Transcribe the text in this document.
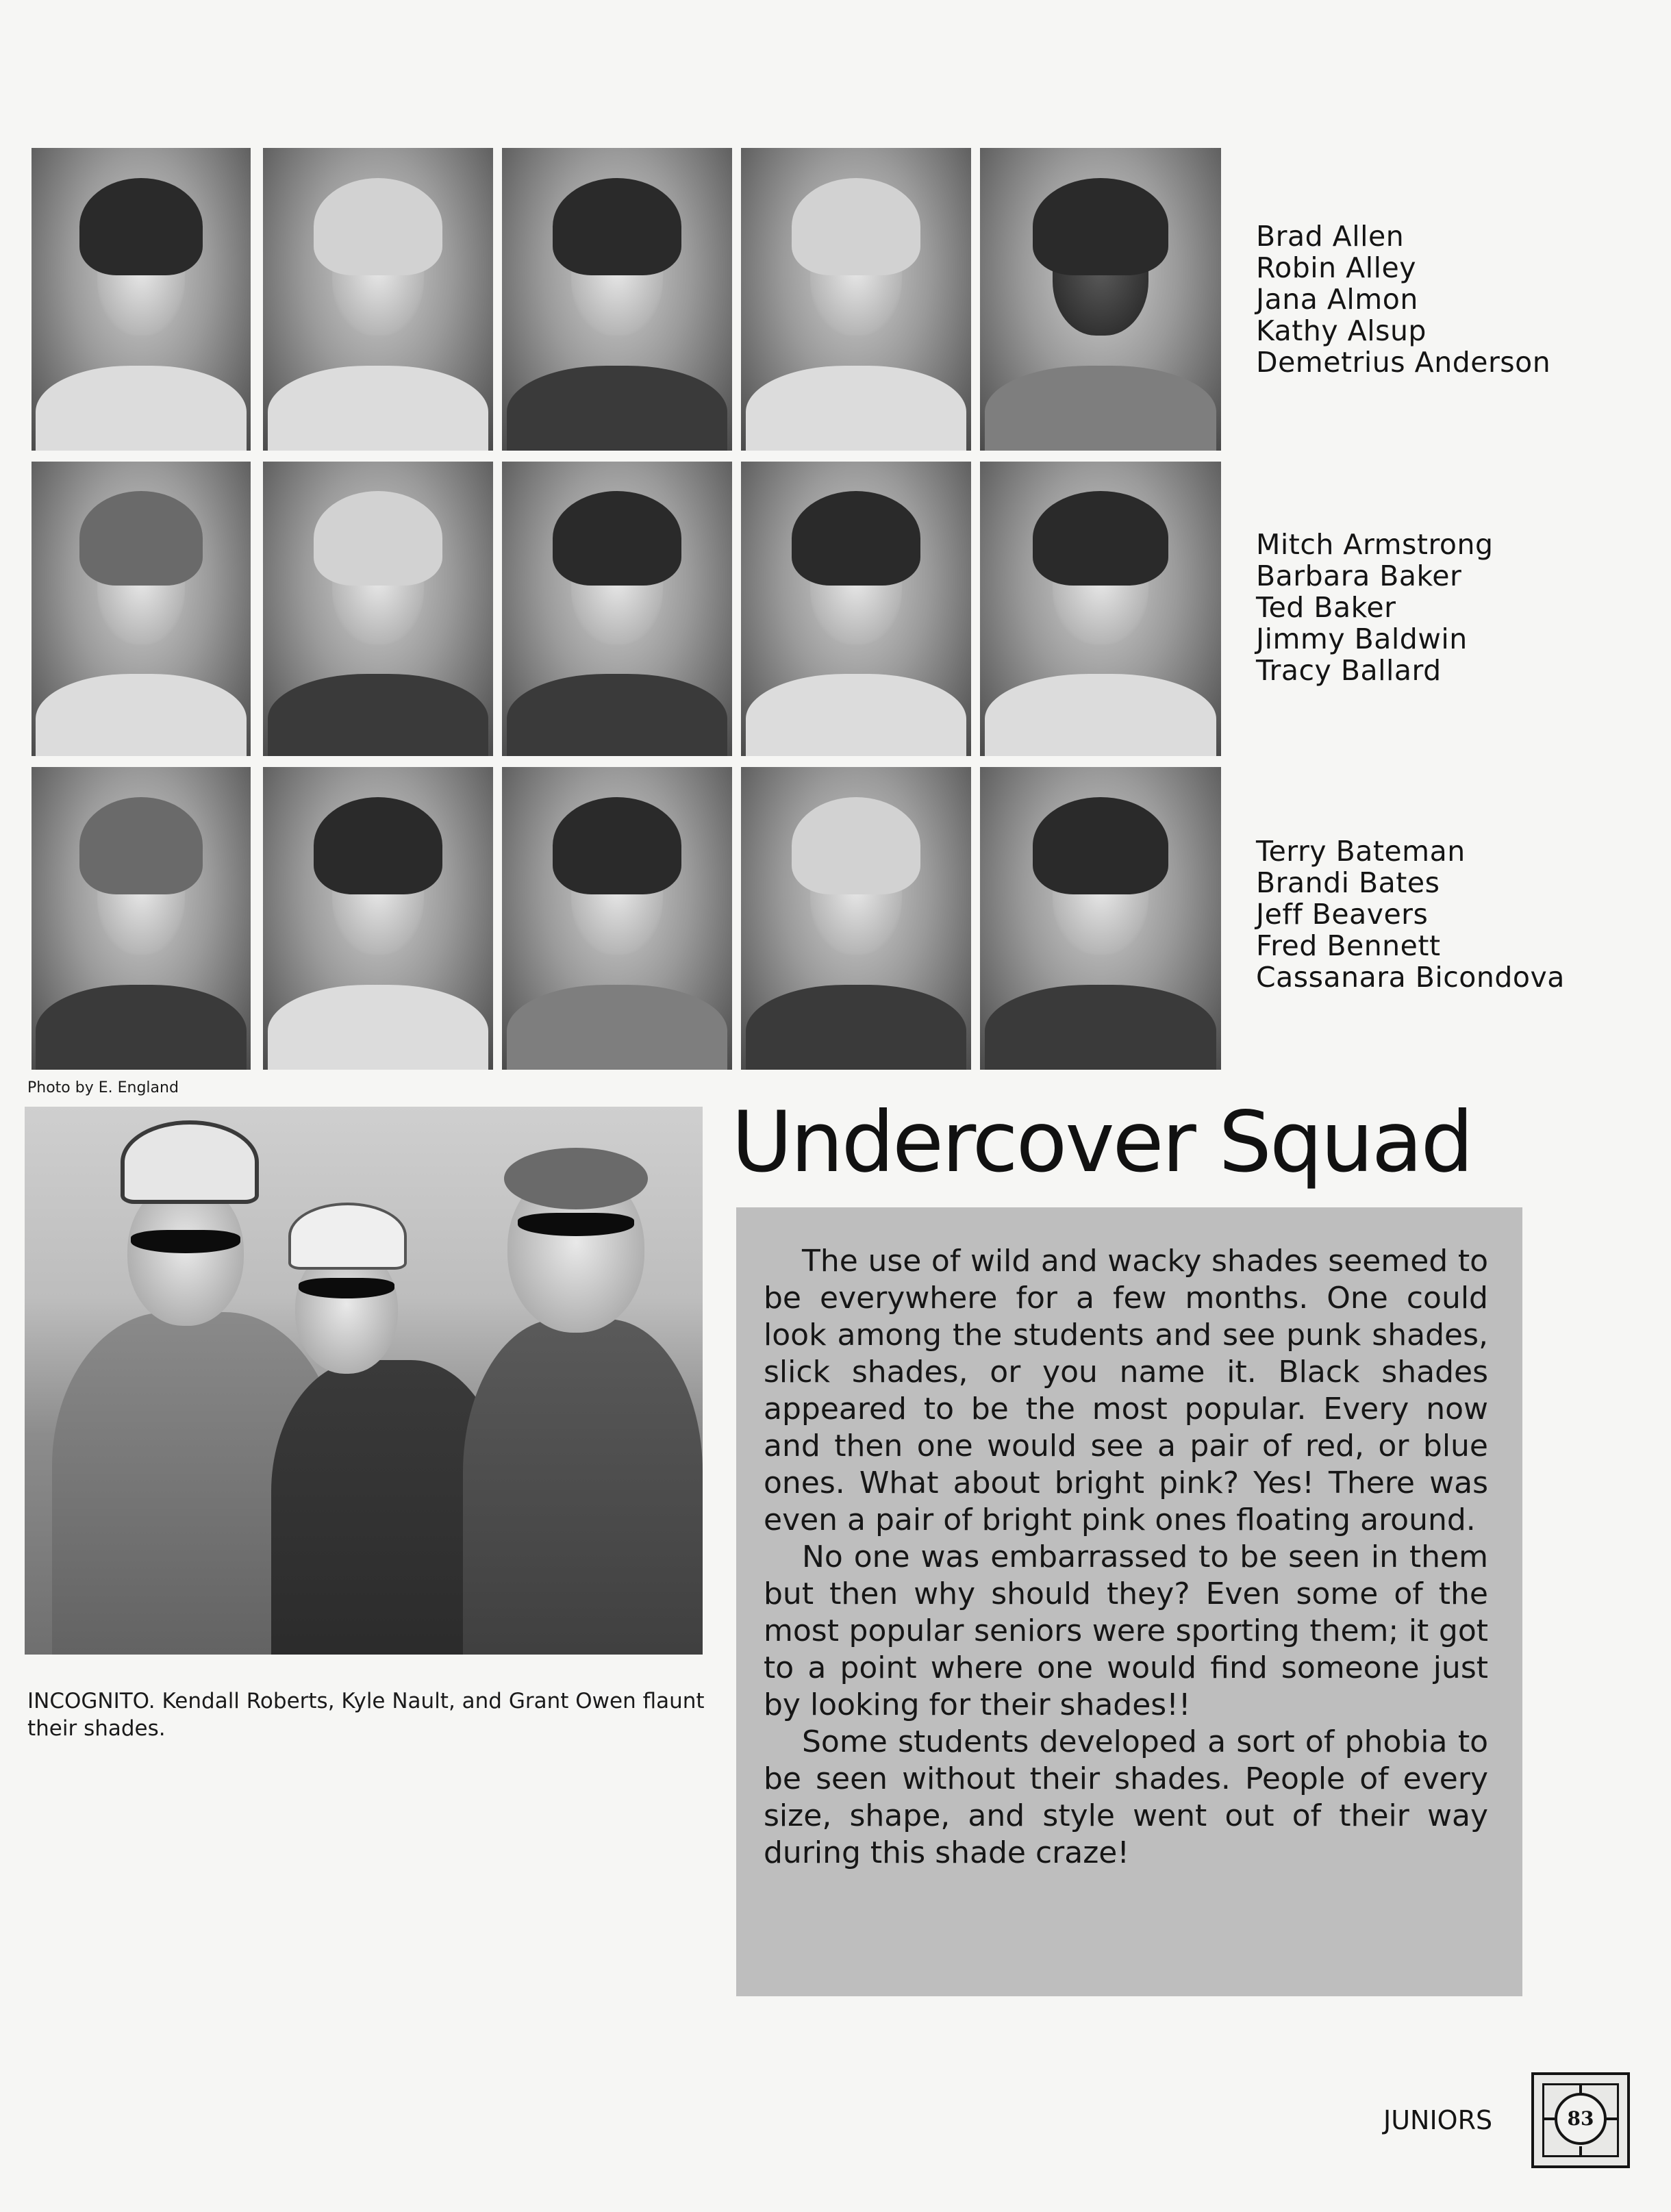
Brad Allen
Robin Alley
Jana Almon
Kathy Alsup
Demetrius Anderson
Mitch Armstrong
Barbara Baker
Ted Baker
Jimmy Baldwin
Tracy Ballard
Terry Bateman
Brandi Bates
Jeff Beavers
Fred Bennett
Cassanara Bicondova
Photo by E. England
INCOGNITO. Kendall Roberts, Kyle Nault, and Grant Owen flaunt their shades.
Undercover Squad

The use of wild and wacky shades seemed to be everywhere for a few months. One could look among the students and see punk shades, slick shades, or you name it. Black shades appeared to be the most popular. Every now and then one would see a pair of red, or blue ones. What about bright pink? Yes! There was even a pair of bright pink ones floating around.

No one was embarrassed to be seen in them but then why should they? Even some of the most popular seniors were sporting them; it got to a point where one would find someone just by looking for their shades!!

Some students developed a sort of phobia to be seen without their shades. People of every size, shape, and style went out of their way during this shade craze!

JUNIORS	83
